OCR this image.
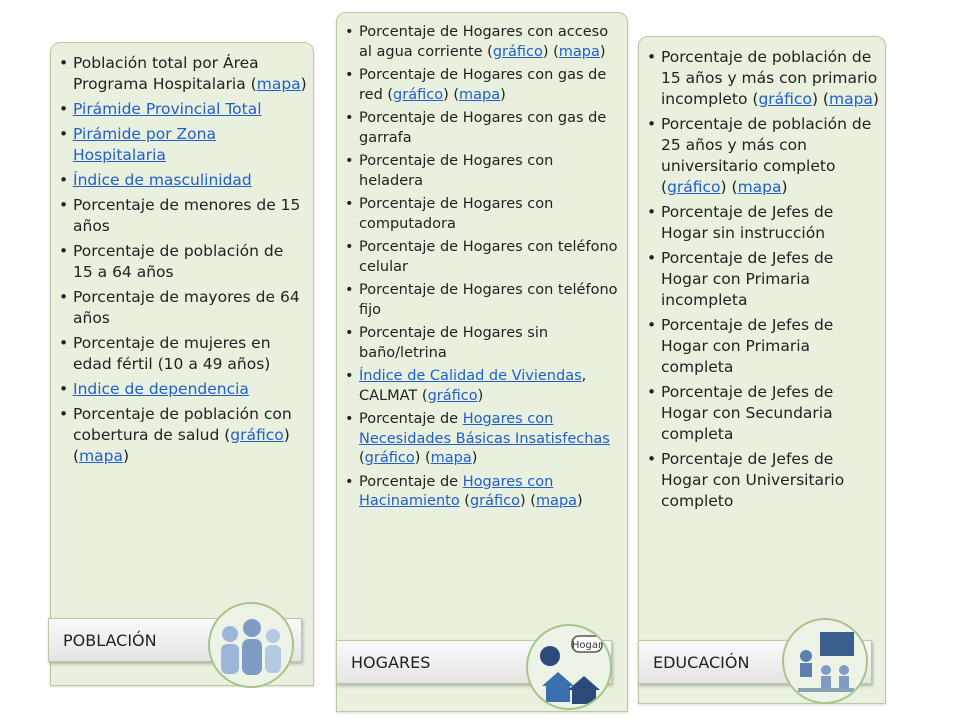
• Población total por Área Programa Hospitalaria (mapa)
• Pirámide Provincial Total
• Pirámide por Zona Hospitalaria
• Índice de masculinidad
• Porcentaje de menores de 15 años
• Porcentaje de población de 15 a 64 años
• Porcentaje de mayores de 64 años
• Porcentaje de mujeres en edad fértil (10 a 49 años)
• Indice de dependencia
• Porcentaje de población con cobertura de salud (gráfico)(mapa)
POBLACIÓN
• Porcentaje de Hogares con acceso al agua corriente (gráfico) (mapa)
• Porcentaje de Hogares con gas de red (gráfico) (mapa)
• Porcentaje de Hogares con gas de garrafa
• Porcentaje de Hogares con heladera
• Porcentaje de Hogares con computadora
• Porcentaje de Hogares con teléfono celular
• Porcentaje de Hogares con teléfono fijo
• Porcentaje de Hogares sin baño/letrina
• Índice de Calidad de Viviendas, CALMAT (gráfico)
• Porcentaje de Hogares con Necesidades Básicas Insatisfechas (gráfico) (mapa)
• Porcentaje de Hogares con Hacinamiento (gráfico) (mapa)
HOGARES
Hogar
• Porcentaje de población de 15 años y más con primario incompleto (gráfico) (mapa)
• Porcentaje de población de 25 años y más con universitario completo (gráfico) (mapa)
• Porcentaje de Jefes de Hogar sin instrucción
• Porcentaje de Jefes de Hogar con Primaria incompleta
• Porcentaje de Jefes de Hogar con Primaria completa
• Porcentaje de Jefes de Hogar con Secundaria completa
• Porcentaje de Jefes de Hogar con Universitario completo
EDUCACIÓN
